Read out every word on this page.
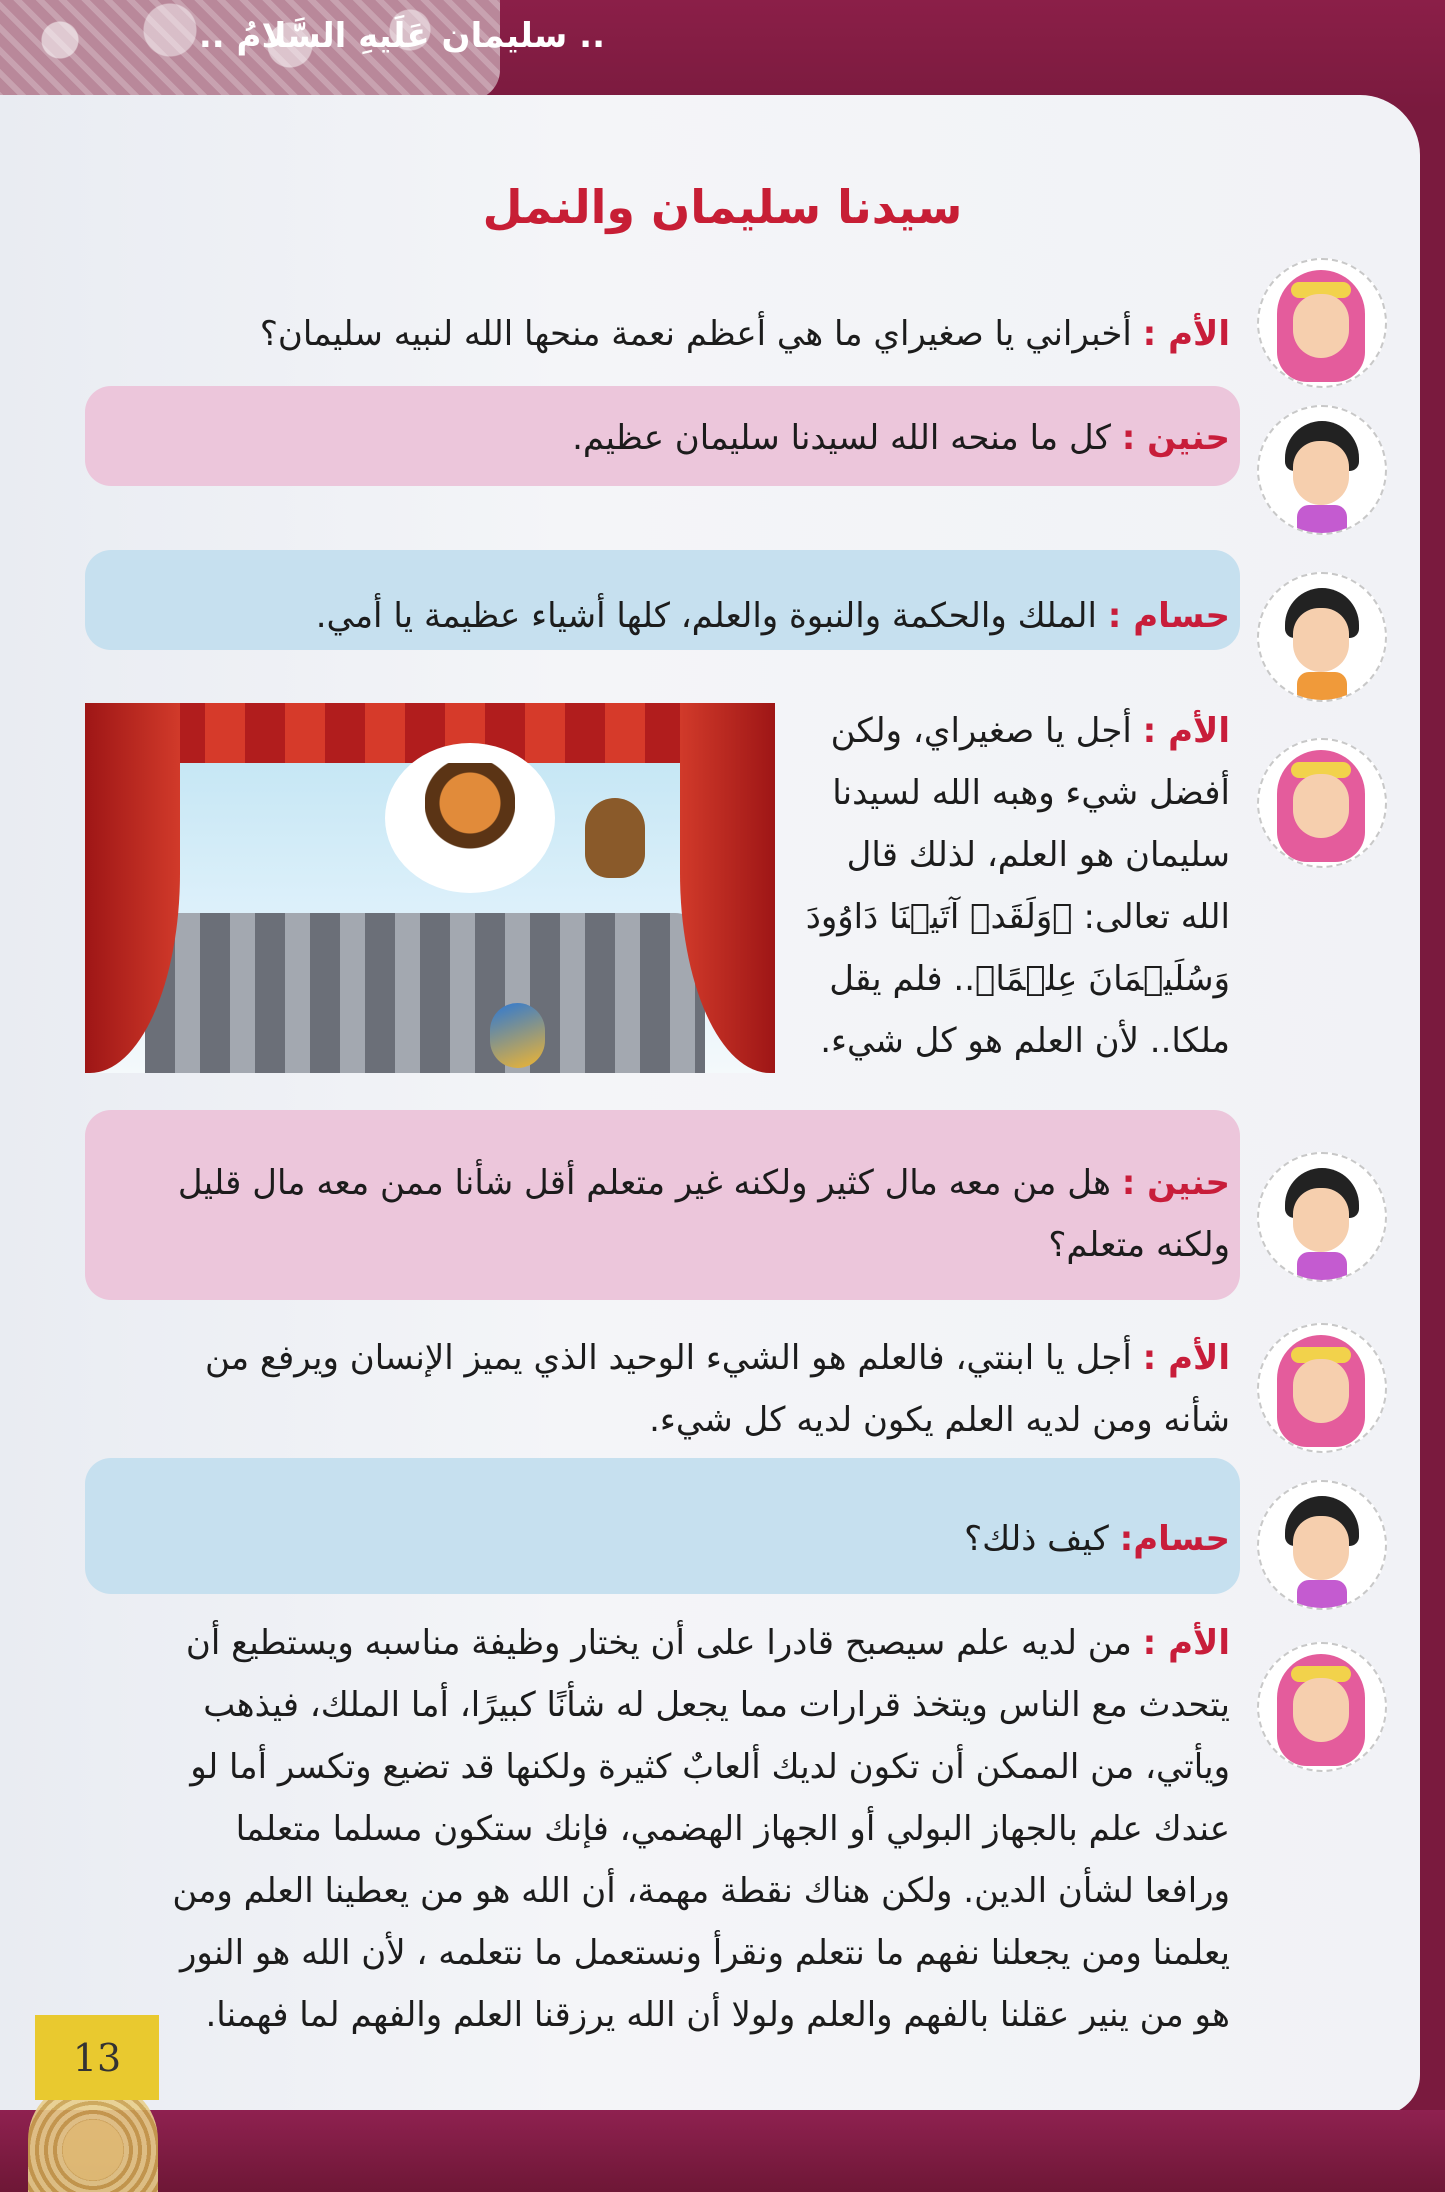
.. سليمان عَلَيهِ السَّلامُ ..
سيدنا سليمان والنمل
الأم : أخبراني يا صغيراي ما هي أعظم نعمة منحها الله لنبيه سليمان؟
حنين : كل ما منحه الله لسيدنا سليمان عظيم.
حسام : الملك والحكمة والنبوة والعلم، كلها أشياء عظيمة يا أمي.
الأم : أجل يا صغيراي، ولكن
أفضل شيء وهبه الله لسيدنا
سليمان هو العلم، لذلك قال
الله تعالى: ﴿وَلَقَدۡ آتَيۡنَا دَاوُودَ
وَسُلَيۡمَانَ عِلۡمًا﴾.. فلم يقل
ملكا.. لأن العلم هو كل شيء.
حنين : هل من معه مال كثير ولكنه غير متعلم أقل شأنا ممن معه مال قليل
ولكنه متعلم؟
الأم : أجل يا ابنتي، فالعلم هو الشيء الوحيد الذي يميز الإنسان ويرفع من
شأنه ومن لديه العلم يكون لديه كل شيء.
حسام: كيف ذلك؟
الأم : من لديه علم سيصبح قادرا على أن يختار وظيفة مناسبه ويستطيع أن
يتحدث مع الناس ويتخذ قرارات مما يجعل له شأنًا كبيرًا، أما الملك، فيذهب
ويأتي، من الممكن أن تكون لديك ألعابٌ كثيرة ولكنها قد تضيع وتكسر أما لو
عندك علم بالجهاز البولي أو الجهاز الهضمي، فإنك ستكون مسلما متعلما
ورافعا لشأن الدين. ولكن هناك نقطة مهمة، أن الله هو من يعطينا العلم ومن
يعلمنا ومن يجعلنا نفهم ما نتعلم ونقرأ ونستعمل ما نتعلمه ، لأن الله هو النور
هو من ينير عقلنا بالفهم والعلم ولولا أن الله يرزقنا العلم والفهم لما فهمنا.
13
